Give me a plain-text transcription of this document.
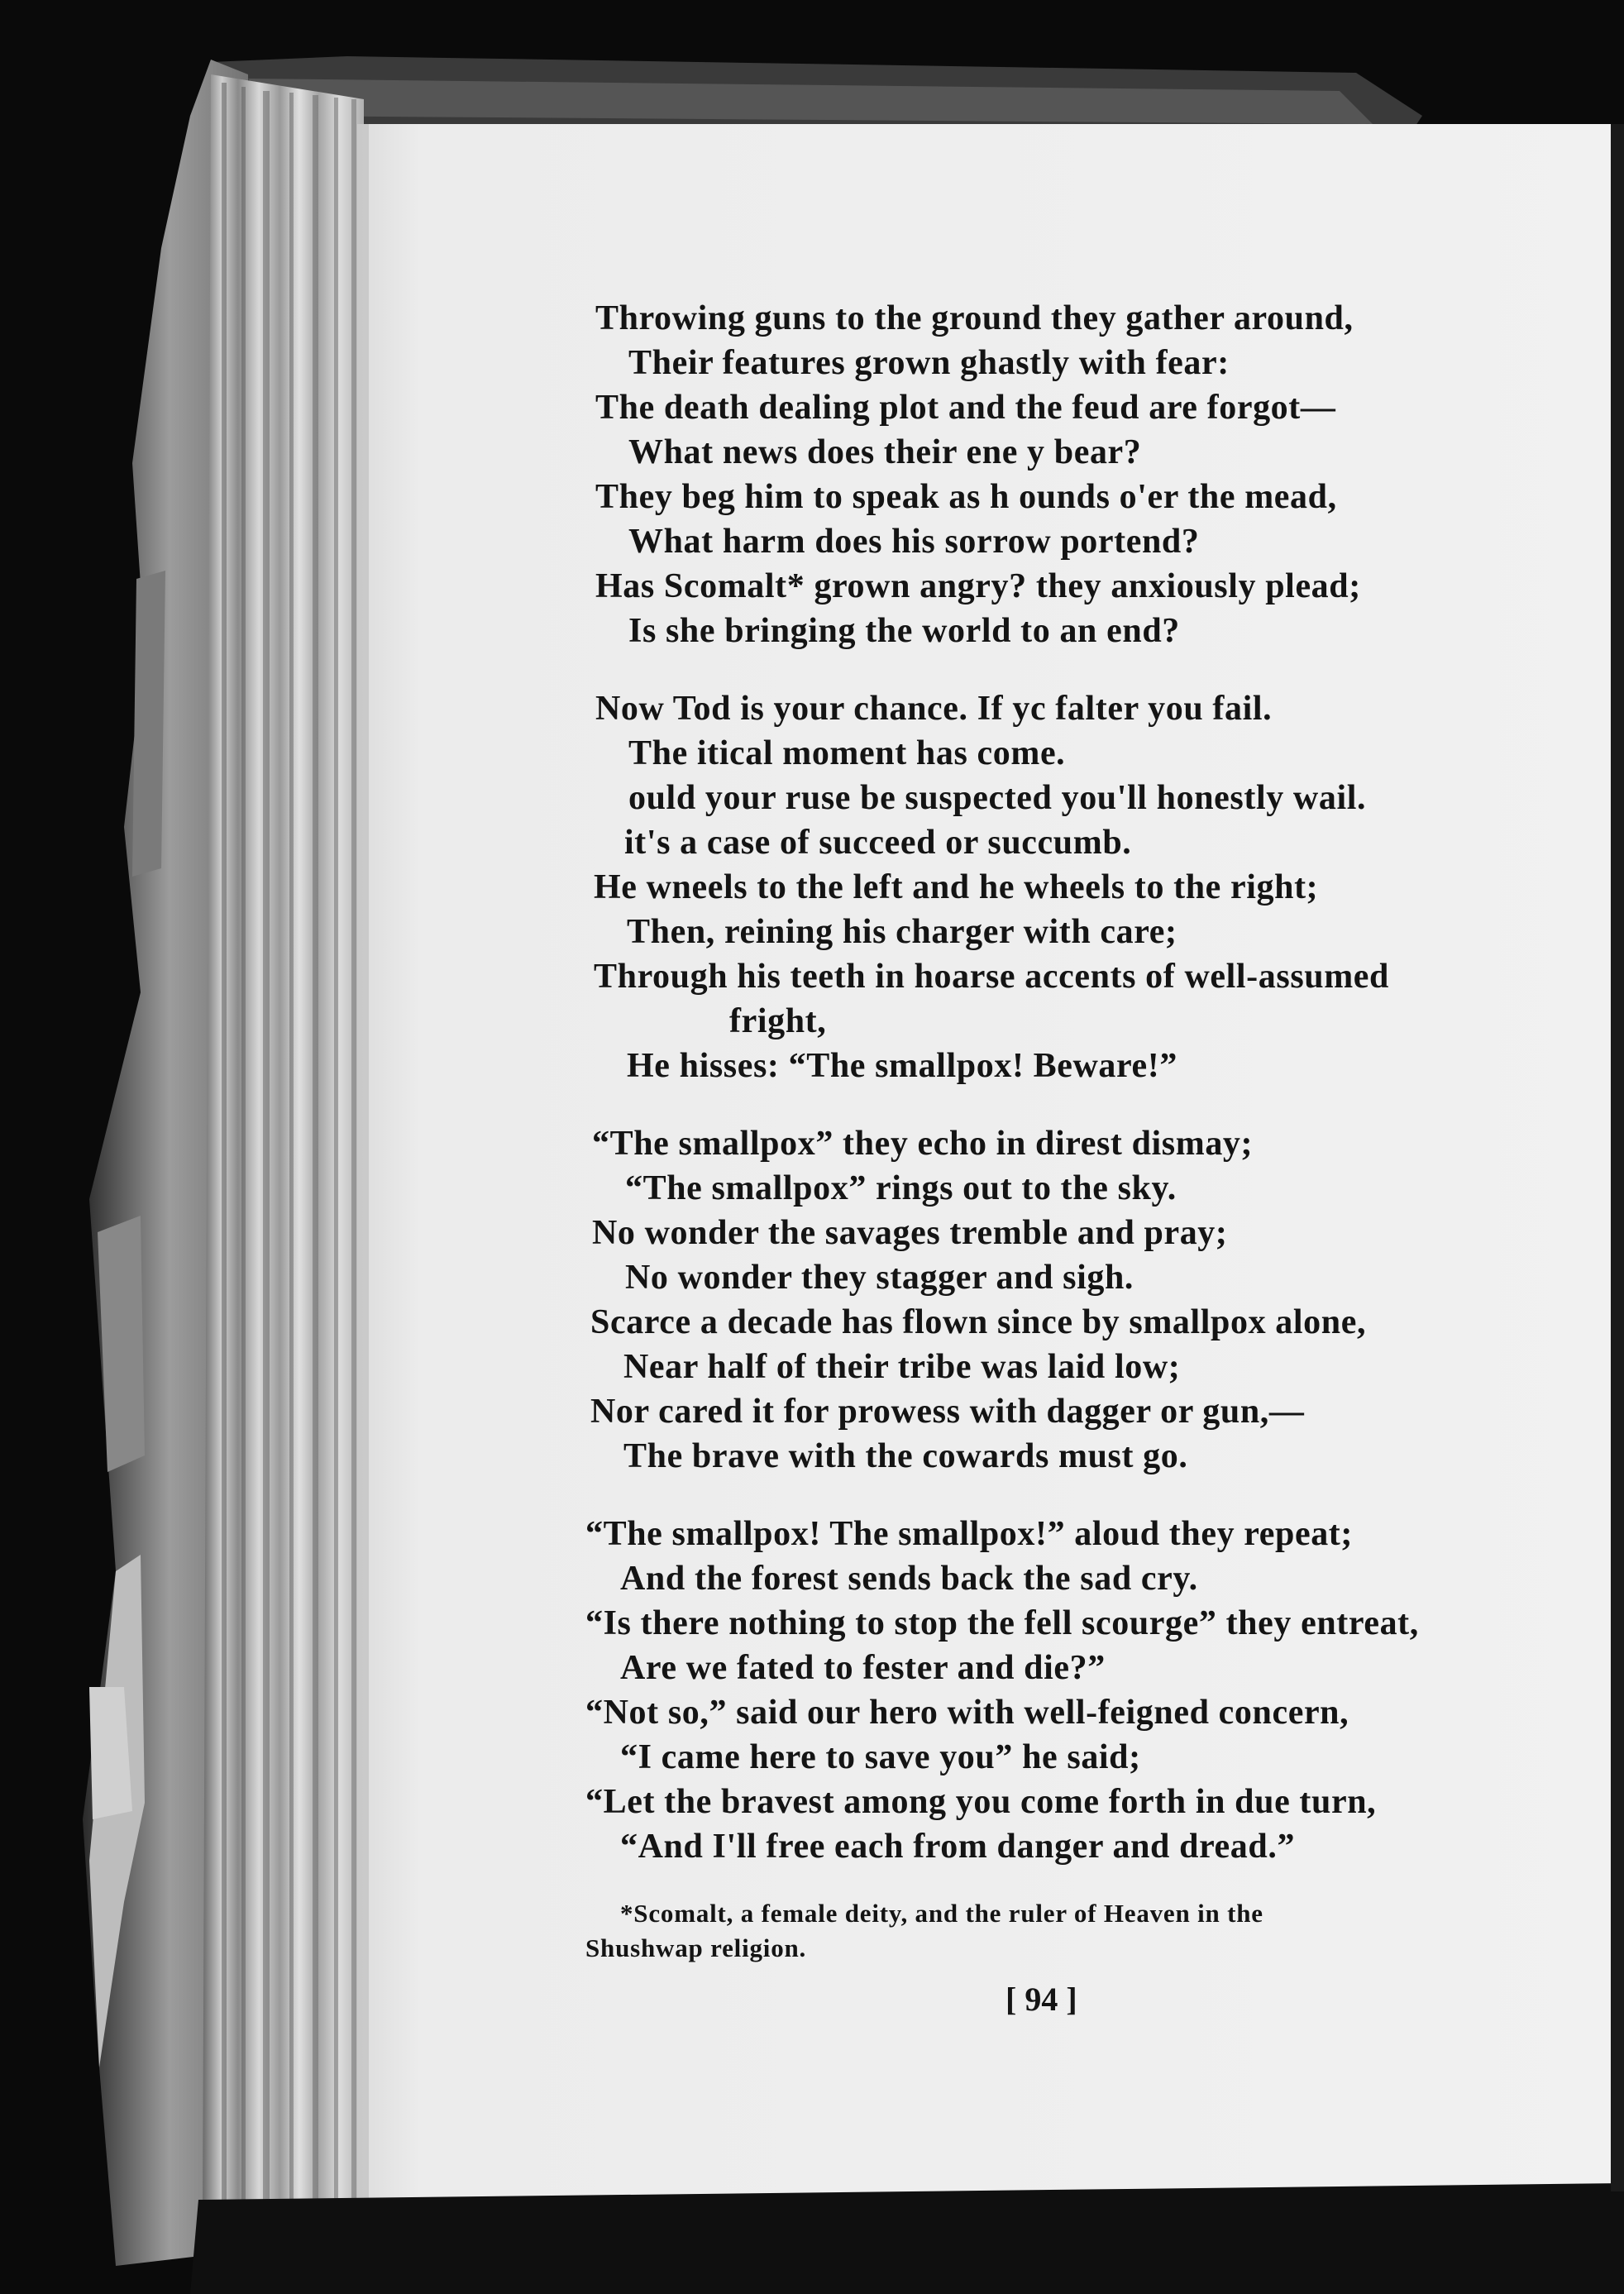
Throwing guns to the ground they gather around,
Their features grown ghastly with fear:
The death dealing plot and the feud are forgot—
What news does their ene y bear?
They beg him to speak as h ounds o'er the mead,
What harm does his sorrow portend?
Has Scomalt* grown angry? they anxiously plead;
Is she bringing the world to an end?
Now Tod is your chance. If yc falter you fail.
The itical moment has come.
ould your ruse be suspected you'll honestly wail.
it's a case of succeed or succumb.
He wneels to the left and he wheels to the right;
Then, reining his charger with care;
Through his teeth in hoarse accents of well-assumed
fright,
He hisses: “The smallpox! Beware!”
“The smallpox” they echo in direst dismay;
“The smallpox” rings out to the sky.
No wonder the savages tremble and pray;
No wonder they stagger and sigh.
Scarce a decade has flown since by smallpox alone,
Near half of their tribe was laid low;
Nor cared it for prowess with dagger or gun,—
The brave with the cowards must go.
“The smallpox! The smallpox!” aloud they repeat;
And the forest sends back the sad cry.
“Is there nothing to stop the fell scourge” they entreat,
Are we fated to fester and die?”
“Not so,” said our hero with well-feigned concern,
“I came here to save you” he said;
“Let the bravest among you come forth in due turn,
“And I'll free each from danger and dread.”
*Scomalt, a female deity, and the ruler of Heaven in the
Shushwap religion.
[ 94 ]
